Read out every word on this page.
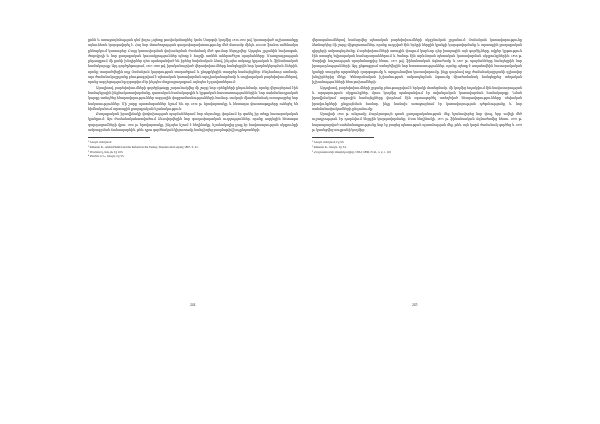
քոնն և առաջադեմության դեմ լեզու չպետք թավականացնել: կոմս Սարգսի կողմից 1839-1850 թվ. կատարված աշխատանքը այնուհետև կարգավորել է. Հայ նոր մտածողության գաղափարախոսությունը մեծ մասամբ մինչև 400,000 ֆունտ ամենամյա քննարկում կատարեց: Բայց կառավարման փոխանցման ժամանակ մեծ գումար ներդրվեց: Այդպես շրջանին նախագահ, ժողովրդի և նոր քաղաքական կուսակցություններ պետք է հաշվի առնեն անհրաժեշտ պայմանները: Մուտքագրության ընթացքում մի քանի խնդիրներ դեռ պահպանված են իրենց նախնական ձևով, ինչպես ամբողջ կրթական և ֆինանսական համակարգը: Այդ գործընթացում, 1867-1868 թվ. իրականացված վերափոխումները հանգեցրին նոր կազմակերպման ձևերին, որոնք տարածվեցին ողջ Օսմանյան կայսրության տարածքում և ընդգրկեցին տարբեր համայնքներ: Ընդհանուր առմամբ, այս ժամանակաշրջանը բնութագրվում է պետական կառավարման արդիականացմամբ և սոցիալական բարեփոխումներով, որոնց ազդեցությունը զգացվում էր ինչպես մայրաքաղաքում, այնպես էլ գավառներում:

Այսպիսով, բարեփոխումների գործընթացը շարունակվեց մի շարք նոր օրենքների ընդունմամբ, որոնք վերաբերում էին համայնքային ինքնակառավարմանը, դատական համակարգին և կրթական հաստատություններին: Նոր սահմանադրական կարգը ստեղծեց հնարավորություններ ազգային փոքրամասնությունների համար, սակայն միաժամանակ առաջացրեց նոր հակասություններ: Մի շարք պատմաբաններ նշում են, որ 1839 թ. հրովարտակը և հետագա փաստաթղթերը ունեցել են հիմնականում արտաքին քաղաքական նշանակություն:

Քաղաքական իրավիճակի փոփոխության պայմաններում նոր սերունդը փորձում էր գտնել իր տեղը հասարակական կյանքում: Այս ժամանակահատվածում ձևավորվեցին նոր գաղափարական ուղղություններ, որոնք ազդեցին հետագա զարգացումների վրա: 1856 թ. հրովարտակը, ինչպես նշում է հեղինակը, նշանակալից քայլ էր հավասարության սկզբունքի ամրագրման ճանապարհին, թեև դրա գործնական կիրառումը հանդիպեց բազմաթիվ խոչընդոտների:

¹ Նույն տեղում:

² Kinneter K., Abdul-Hamid and the Reform in the Turkey, Dresden and Leipzig 1867, S. 41.

³ Մանուէլ, նույն, էջ 163.

⁴ Բոժուռ Ն., նույն, էջ 53.

244

վերապահումներով համարվեց պետական բարեփոխումների սկզբնական շրջանում: Օսմանյան կառավարությունը ձեռնարկեց մի շարք միջոցառումներ, որոնք ուղղված էին երկրի ներքին կյանքի կարգավորմանը և արտաքին քաղաքական դիրքերի ամրապնդմանը: Բարեփոխումների առաջին փուլում կարևոր դեր խաղացին այն գործիչները, ովքեր կրթություն էին ստացել եվրոպական համալսարաններում և ծանոթ էին արևմտյան պետական կառավարման սկզբունքներին: 1856 թ. Փարիզի հաշտության պայմանագրից հետո, 1875 թվ. ֆինանսական ճգնաժամը և 1867 թ. պայմանները հանգեցրին նոր իրադարձությունների: Այդ ընթացքում ստեղծվեցին նոր հաստատություններ, որոնք պետք է ապահովեին հասարակական կյանքի տարբեր ոլորտների զարգացումը և արդյունավետ կառավարումը, ինչը դարձավ ողջ ժամանակաշրջանի գլխավոր խնդիրներից մեկը: Կենտրոնական իշխանության ամրապնդման ձգտումը միաժամանակ հանգեցրեց տեղական իշխանությունների հետ բախումների:

Այդպիսով, բարեփոխումների շրջանը բնութագրվում է երկակի մոտեցմամբ. մի կողմից հռչակվում էին հավասարության և արդարության սկզբունքներ, մյուս կողմից պահպանվում էր ավանդական կառավարման համակարգը: Նման իրավիճակում ազգային համայնքները փորձում էին օգտագործել ստեղծված հնարավորությունները սեփական իրավունքների ընդլայնման համար, ինչը հաճախ առաջացնում էր կառավարության դժգոհությունը և նոր սահմանափակումների ընդունումը:

Այսպիսի 1856 թ. անցումը Բարձրագույն դռան քաղաքականության մեջ նշանավորեց նոր փուլ, երբ ավելի մեծ ուշադրություն էր դարձվում ներքին կարգավորմանը: Ըստ հեղինակի, 1875 թ. ֆինանսական ճգնաժամից հետո, 1876 թ. հայտարարված սահմանադրությունը նոր էջ բացեց պետության պատմության մեջ, թեև այն կարճ ժամանակ գործեց և 1878 թ. կասեցվեց սուլթանի կողմից:

¹ Նույն տեղում, էջ 95.

² Kinneter K., նույն, էջ 34.

³ Հայաստանի տեղեկագիր, ՍՍՀ 1890, N 41, ч. 2, с. 110

245
